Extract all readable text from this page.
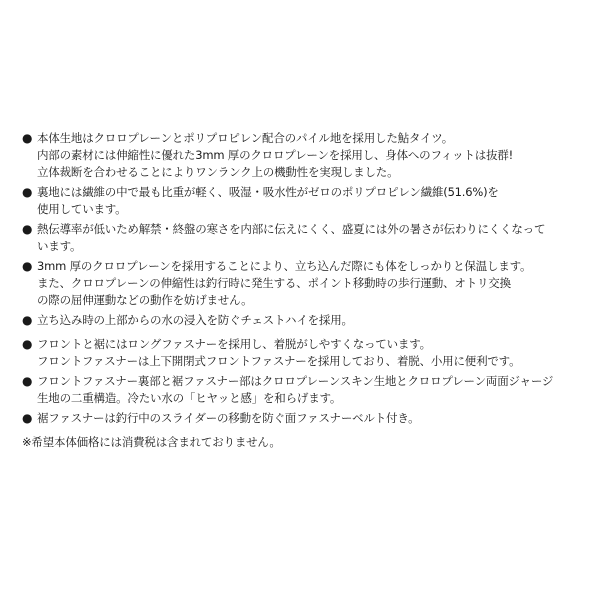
● 本体生地はクロロプレーンとポリプロピレン配合のパイル地を採用した鮎タイツ。
内部の素材には伸縮性に優れた3mm 厚のクロロプレーンを採用し、身体へのフィットは抜群!
立体裁断を合わせることによりワンランク上の機動性を実現しました。
● 裏地には繊維の中で最も比重が軽く、吸湿・吸水性がゼロのポリプロピレン繊維(51.6%)を
使用しています。
● 熱伝導率が低いため解禁・終盤の寒さを内部に伝えにくく、盛夏には外の暑さが伝わりにくくなって
います。
● 3mm 厚のクロロプレーンを採用することにより、立ち込んだ際にも体をしっかりと保温します。
また、クロロプレーンの伸縮性は釣行時に発生する、ポイント移動時の歩行運動、オトリ交換
の際の屈伸運動などの動作を妨げません。
● 立ち込み時の上部からの水の浸入を防ぐチェストハイを採用。
● フロントと裾にはロングファスナーを採用し、着脱がしやすくなっています。
フロントファスナーは上下開閉式フロントファスナーを採用しており、着脱、小用に便利です。
● フロントファスナー裏部と裾ファスナー部はクロロプレーンスキン生地とクロロプレーン両面ジャージ
生地の二重構造。冷たい水の「ヒヤッと感」を和らげます。
● 裾ファスナーは釣行中のスライダーの移動を防ぐ面ファスナーベルト付き。
※希望本体価格には消費税は含まれておりません。
